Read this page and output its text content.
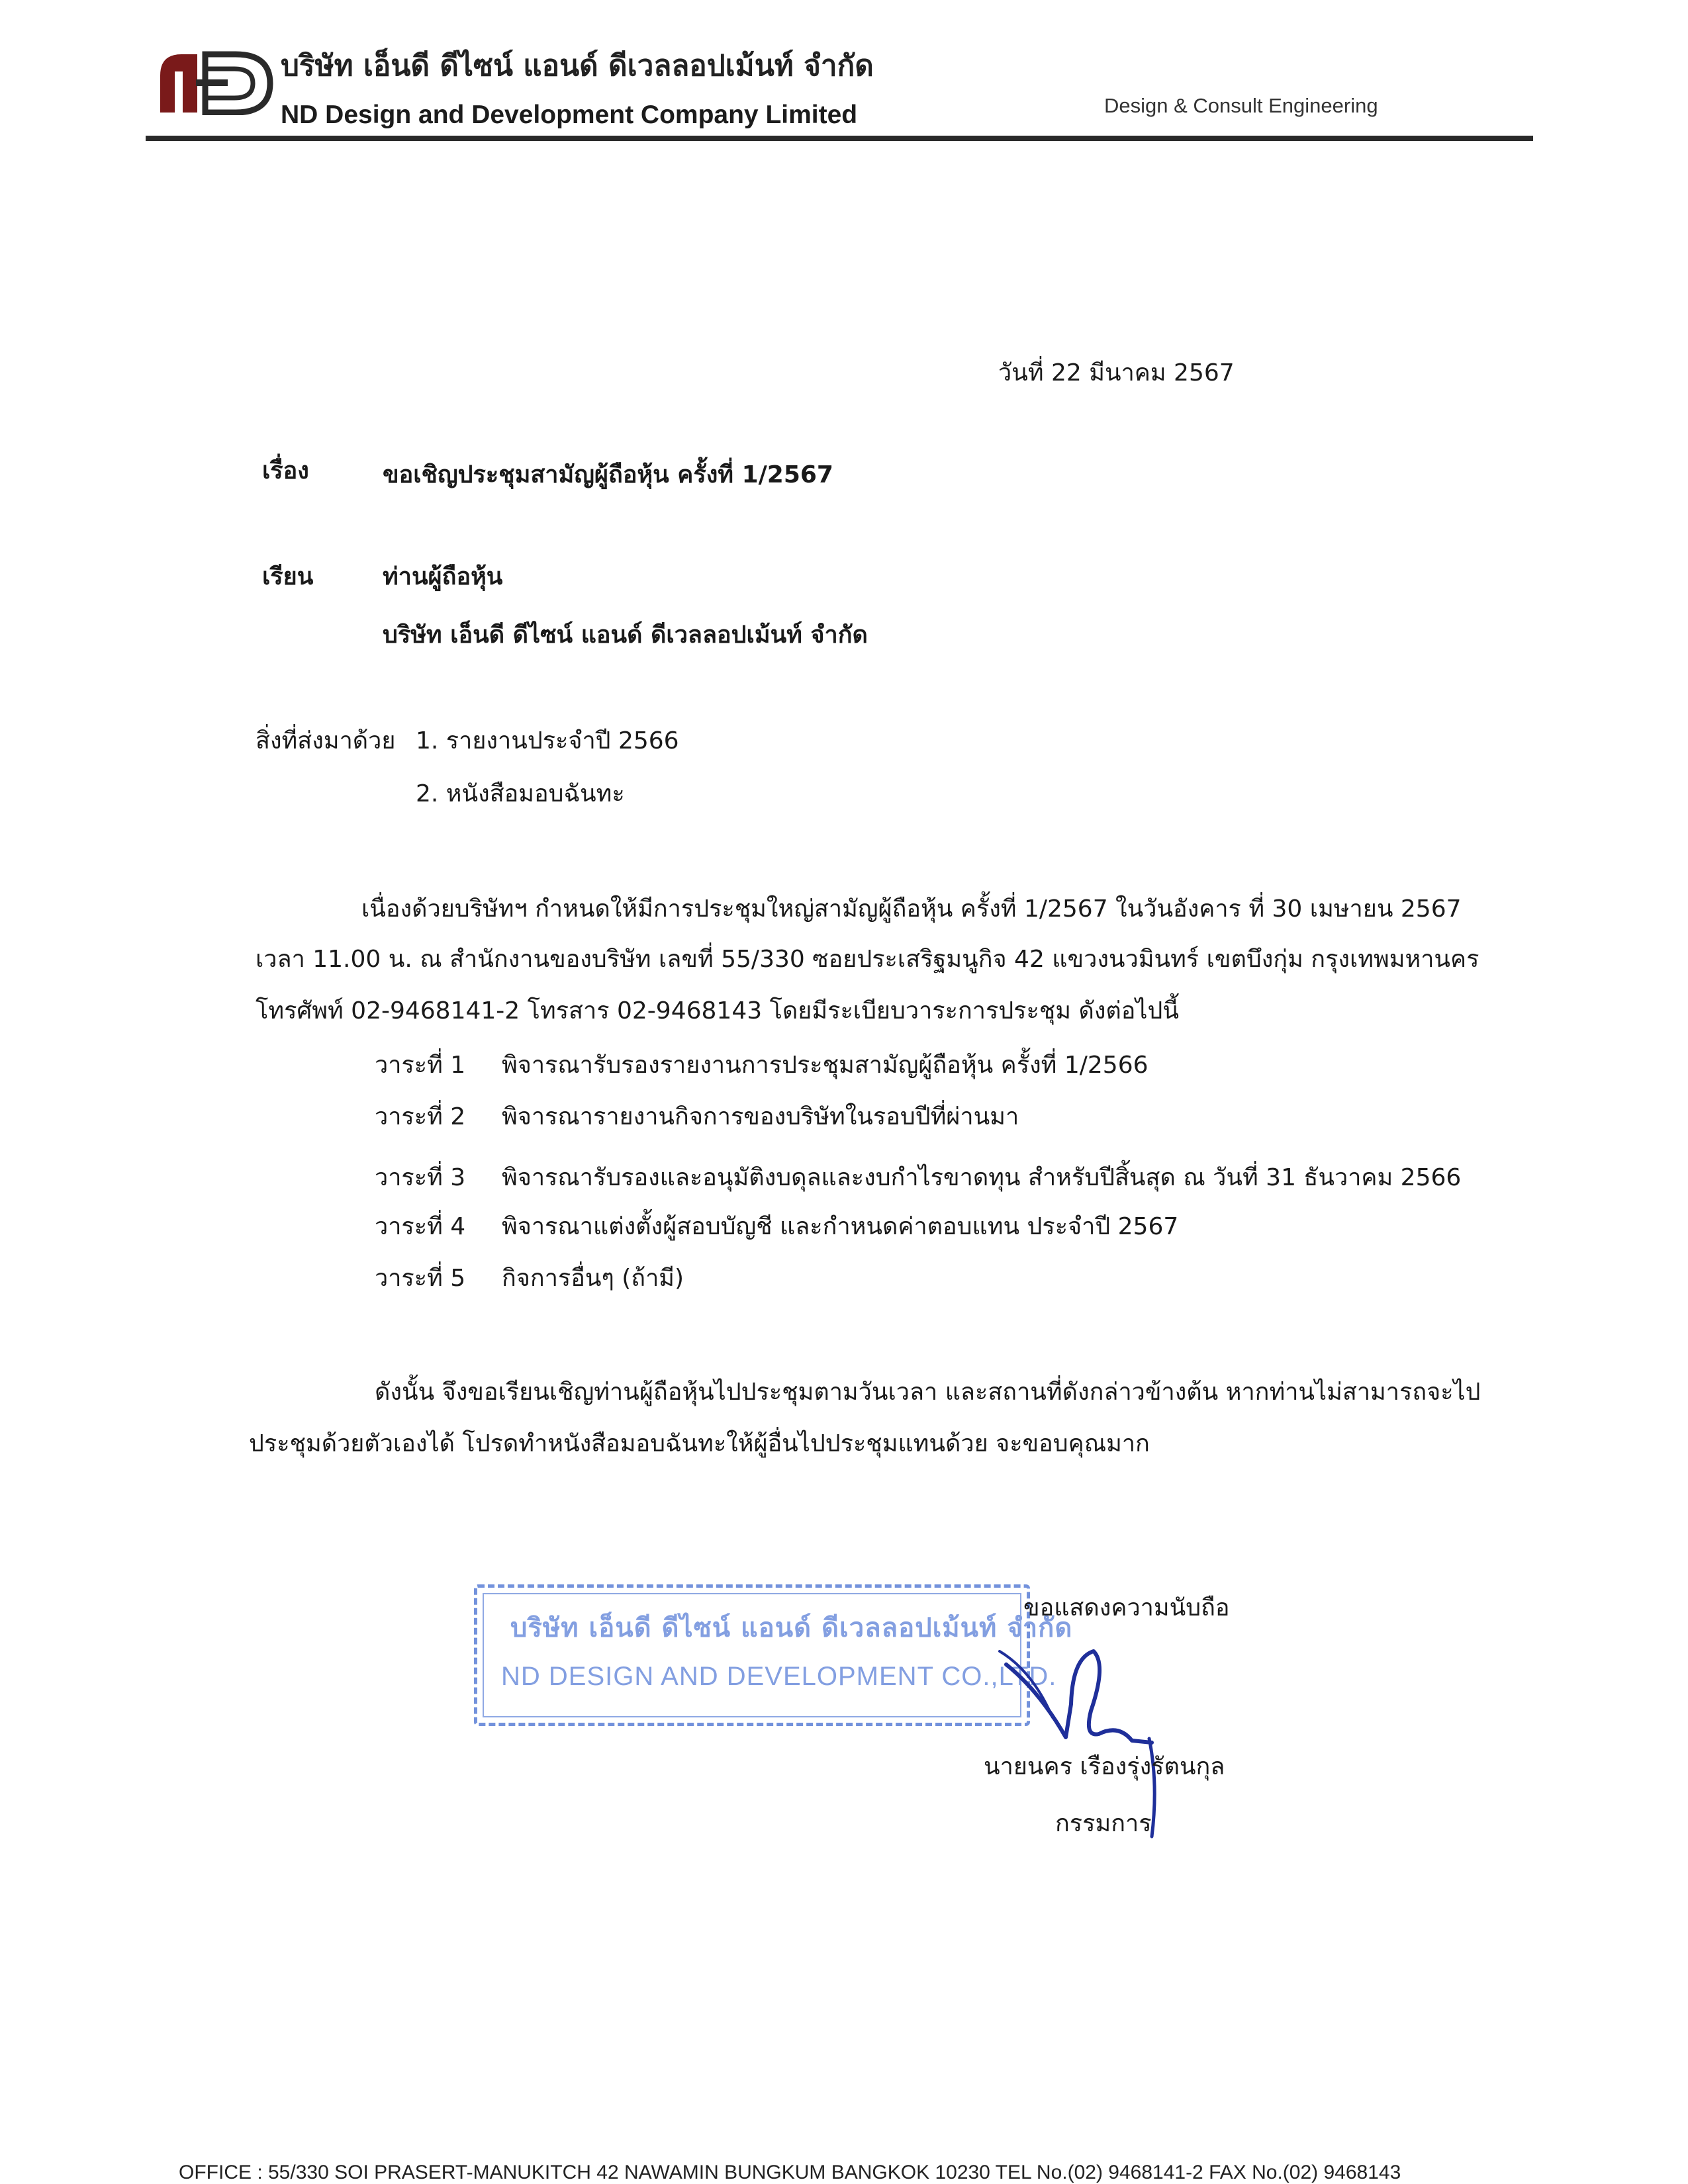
บริษัท เอ็นดี ดีไซน์ แอนด์ ดีเวลลอปเม้นท์ จำกัด
ND Design and Development Company Limited	Design & Consult Engineering
วันที่ 22 มีนาคม 2567
เรื่อง	ขอเชิญประชุมสามัญผู้ถือหุ้น ครั้งที่ 1/2567
เรียน	ท่านผู้ถือหุ้น
บริษัท เอ็นดี ดีไซน์ แอนด์ ดีเวลลอปเม้นท์ จำกัด
สิ่งที่ส่งมาด้วย 1. รายงานประจำปี 2566
2. หนังสือมอบฉันทะ
เนื่องด้วยบริษัทฯ กำหนดให้มีการประชุมใหญ่สามัญผู้ถือหุ้น ครั้งที่ 1/2567 ในวันอังคาร ที่ 30 เมษายน 2567
เวลา 11.00 น. ณ สำนักงานของบริษัท เลขที่ 55/330 ซอยประเสริฐมนูกิจ 42 แขวงนวมินทร์ เขตบึงกุ่ม กรุงเทพมหานคร
โทรศัพท์ 02-9468141-2 โทรสาร 02-9468143 โดยมีระเบียบวาระการประชุม ดังต่อไปนี้
วาระที่ 1 พิจารณารับรองรายงานการประชุมสามัญผู้ถือหุ้น ครั้งที่ 1/2566
วาระที่ 2 พิจารณารายงานกิจการของบริษัทในรอบปีที่ผ่านมา
วาระที่ 3 พิจารณารับรองและอนุมัติงบดุลและงบกำไรขาดทุน สำหรับปีสิ้นสุด ณ วันที่ 31 ธันวาคม 2566
วาระที่ 4 พิจารณาแต่งตั้งผู้สอบบัญชี และกำหนดค่าตอบแทน ประจำปี 2567
วาระที่ 5 กิจการอื่นๆ (ถ้ามี)
ดังนั้น จึงขอเรียนเชิญท่านผู้ถือหุ้นไปประชุมตามวันเวลา และสถานที่ดังกล่าวข้างต้น หากท่านไม่สามารถจะไป
ประชุมด้วยตัวเองได้ โปรดทำหนังสือมอบฉันทะให้ผู้อื่นไปประชุมแทนด้วย จะขอบคุณมาก
บริษัท เอ็นดี ดีไซน์ แอนด์ ดีเวลลอปเม้นท์ จำกัด
ND DESIGN AND DEVELOPMENT CO.,LTD.
ขอแสดงความนับถือ
นายนคร เรืองรุ่งรัตนกุล
กรรมการ
OFFICE : 55/330 SOI PRASERT-MANUKITCH 42 NAWAMIN BUNGKUM BANGKOK 10230 TEL No.(02) 9468141-2 FAX No.(02) 9468143
